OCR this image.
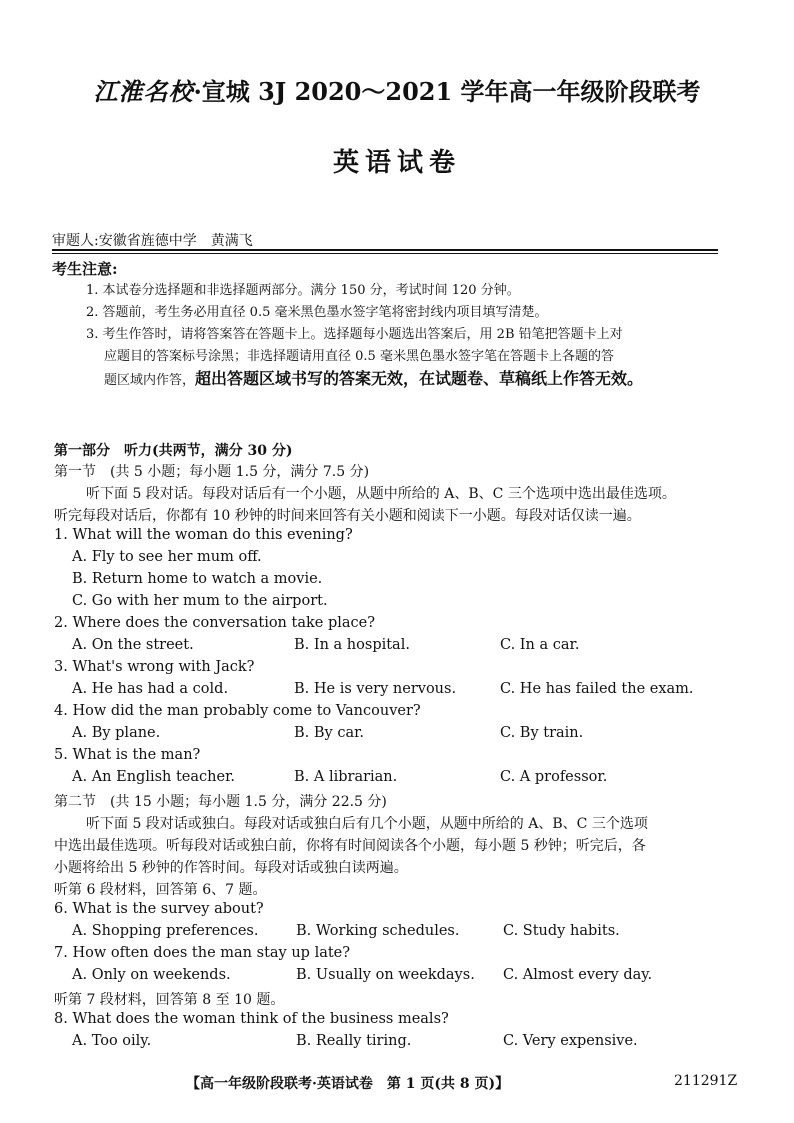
江淮名校·宣城 3J 2020～2021 学年高一年级阶段联考
英语试卷
审题人:安徽省旌德中学　黄满飞
考生注意:
1. 本试卷分选择题和非选择题两部分。满分 150 分，考试时间 120 分钟。
2. 答题前，考生务必用直径 0.5 毫米黑色墨水签字笔将密封线内项目填写清楚。
3. 考生作答时，请将答案答在答题卡上。选择题每小题选出答案后，用 2B 铅笔把答题卡上对
应题目的答案标号涂黑；非选择题请用直径 0.5 毫米黑色墨水签字笔在答题卡上各题的答
题区域内作答，超出答题区域书写的答案无效，在试题卷、草稿纸上作答无效。
第一部分　听力(共两节，满分 30 分)
第一节　(共 5 小题；每小题 1.5 分，满分 7.5 分)
听下面 5 段对话。每段对话后有一个小题，从题中所给的 A、B、C 三个选项中选出最佳选项。
听完每段对话后，你都有 10 秒钟的时间来回答有关小题和阅读下一小题。每段对话仅读一遍。
1. What will the woman do this evening?
A. Fly to see her mum off.
B. Return home to watch a movie.
C. Go with her mum to the airport.
2. Where does the conversation take place?
A. On the street.	B. In a hospital.	C. In a car.
3. What's wrong with Jack?
A. He has had a cold.	B. He is very nervous.	C. He has failed the exam.
4. How did the man probably come to Vancouver?
A. By plane.	B. By car.	C. By train.
5. What is the man?
A. An English teacher.	B. A librarian.	C. A professor.
第二节　(共 15 小题；每小题 1.5 分，满分 22.5 分)
听下面 5 段对话或独白。每段对话或独白后有几个小题，从题中所给的 A、B、C 三个选项
中选出最佳选项。听每段对话或独白前，你将有时间阅读各个小题，每小题 5 秒钟；听完后，各
小题将给出 5 秒钟的作答时间。每段对话或独白读两遍。
听第 6 段材料，回答第 6、7 题。
6. What is the survey about?
A. Shopping preferences.	B. Working schedules.	C. Study habits.
7. How often does the man stay up late?
A. Only on weekends.	B. Usually on weekdays. C. Almost every day.
听第 7 段材料，回答第 8 至 10 题。
8. What does the woman think of the business meals?
A. Too oily.	B. Really tiring.	C. Very expensive.
【高一年级阶段联考·英语试卷　第 1 页(共 8 页)】	211291Z
